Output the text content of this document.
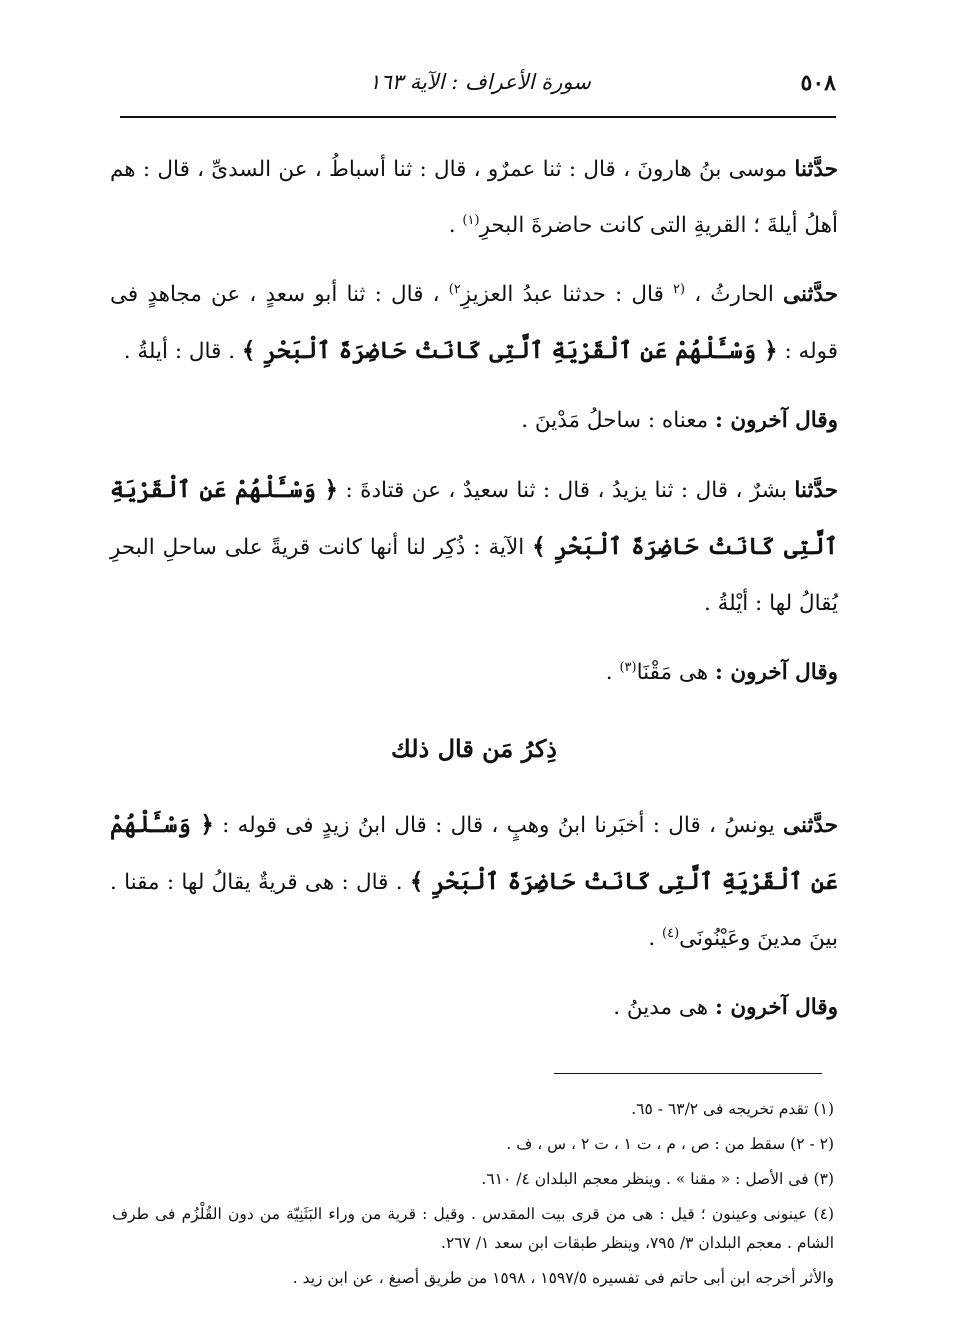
٥٠٨
سورة الأعراف : الآية ١٦٣

حدَّثنا موسى بنُ هارونَ ، قال : ثنا عمرٌو ، قال : ثنا أسباطُ ، عن السدىِّ ، قال : هم أهلُ أيلةَ ؛ القريةِ التى كانت حاضرةَ البحرِ$^{(١)}$ .

حدَّثنى الحارثُ ، $^{(٢}$ قال : حدثنا عبدُ العزيزِ$^{٢)}$ ، قال : ثنا أبو سعدٍ ، عن مجاهدٍ فى قوله : ﴿ وَسْـَٔلْهُمْ عَنِ ٱلْقَرْيَةِ ٱلَّتِى كَانَتْ حَاضِرَةَ ٱلْبَحْرِ ﴾ . قال : أيلةُ .

وقال آخرون : معناه : ساحلُ مَدْينَ .

حدَّثنا بشرٌ ، قال : ثنا يزيدُ ، قال : ثنا سعيدٌ ، عن قتادةَ : ﴿ وَسْـَٔلْهُمْ عَنِ ٱلْقَرْيَةِ ٱلَّتِى كَانَتْ حَاضِرَةَ ٱلْبَحْرِ ﴾ الآية : ذُكِر لنا أنها كانت قريةً على ساحلِ البحرِ يُقالُ لها : أيْلةُ .

وقال آخرون : هى مَقْنَا$^{(٣)}$ .

ذِكرُ مَن قال ذلك

حدَّثنى يونسُ ، قال : أخبَرنا ابنُ وهبٍ ، قال : قال ابنُ زيدٍ فى قوله : ﴿ وَسْـَٔلْهُمْ عَنِ ٱلْقَرْيَةِ ٱلَّتِى كَانَتْ حَاضِرَةَ ٱلْبَحْرِ ﴾ . قال : هى قريةٌ يقالُ لها : مقنا . بينَ مدينَ وعَيْنُونَى$^{(٤)}$ .

وقال آخرون : هى مدينُ .

(١) تقدم تخريجه فى ٦٣/٢ - ٦٥.

(٢ - ٢) سقط من : ص ، م ، ت ١ ، ت ٢ ، س ، ف .

(٣) فى الأصل : « مقنا » . وينظر معجم البلدان ٤/ ٦١٠.

(٤) عينونى وعينون ؛ قيل : هى من قرى بيت المقدس . وقيل : قرية من وراء البَثَنِيّة من دون القُلْزُم فى طرف الشام . معجم البلدان ٣/ ٧٩٥، وينظر طبقات ابن سعد ١/ ٢٦٧.

والأثر أخرجه ابن أبى حاتم فى تفسيره ١٥٩٧/٥ ، ١٥٩٨ من طريق أصبغ ، عن ابن زيد .
